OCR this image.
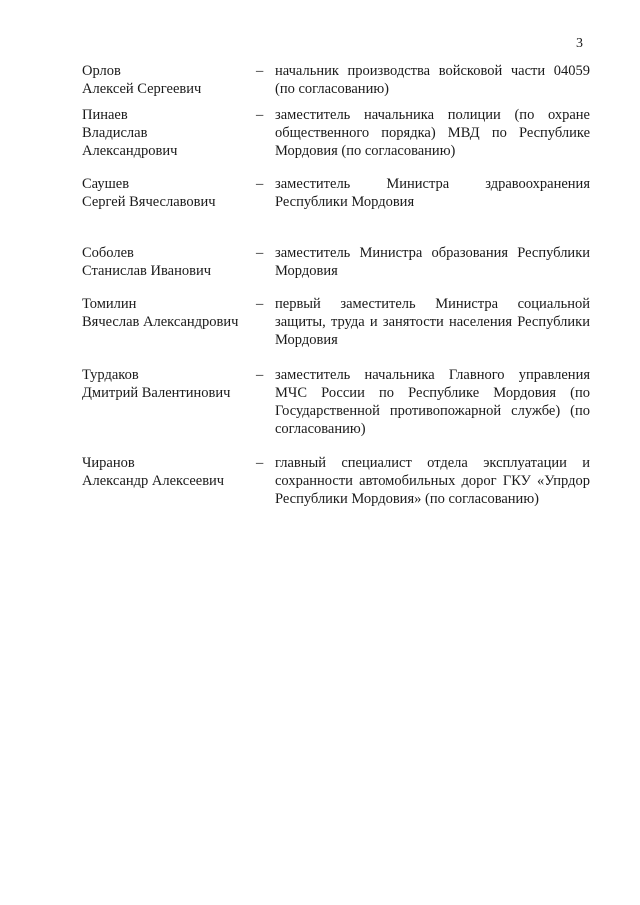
3
Орлов
Алексей Сергеевич
– начальник производства войсковой части 04059 (по согласованию)
Пинаев
Владислав
Александрович
– заместитель начальника полиции (по охране общественного порядка) МВД по Республике Мордовия (по согласованию)
Саушев
Сергей Вячеславович
– заместитель Министра здравоохранения Республики Мордовия
Соболев
Станислав Иванович
– заместитель Министра образования Республики Мордовия
Томилин
Вячеслав Александрович
– первый заместитель Министра социальной защиты, труда и занятости населения Республики Мордовия
Турдаков
Дмитрий Валентинович
– заместитель начальника Главного управления МЧС России по Республике Мордовия (по Государственной противопожарной службе) (по согласованию)
Чиранов
Александр Алексеевич
– главный специалист отдела эксплуатации и сохранности автомобильных дорог ГКУ «Упрдор Республики Мордовия» (по согласованию)
